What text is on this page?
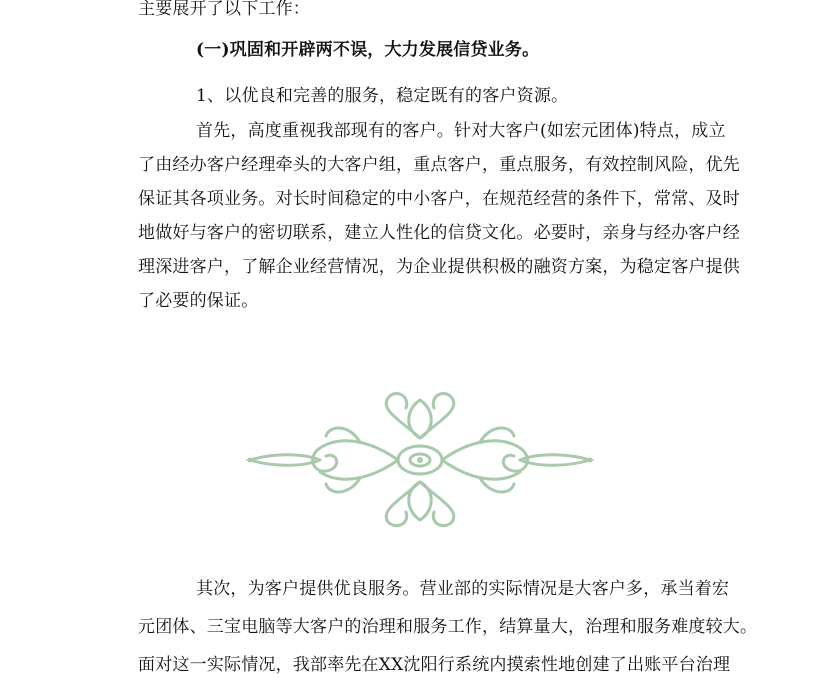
主要展开了以下工作：

(一)巩固和开辟两不误，大力发展信贷业务。

1、以优良和完善的服务，稳定既有的客户资源。

首先，高度重视我部现有的客户。针对大客户(如宏元团体)特点，成立
了由经办客户经理牵头的大客户组，重点客户，重点服务，有效控制风险，优先
保证其各项业务。对长时间稳定的中小客户，在规范经营的条件下，常常、及时
地做好与客户的密切联系，建立人性化的信贷文化。必要时，亲身与经办客户经
理深进客户，了解企业经营情况，为企业提供积极的融资方案，为稳定客户提供
了必要的保证。
其次，为客户提供优良服务。营业部的实际情况是大客户多，承当着宏
元团体、三宝电脑等大客户的治理和服务工作，结算量大，治理和服务难度较大。
面对这一实际情况，我部率先在XX沈阳行系统内摸索性地创建了出账平台治理
